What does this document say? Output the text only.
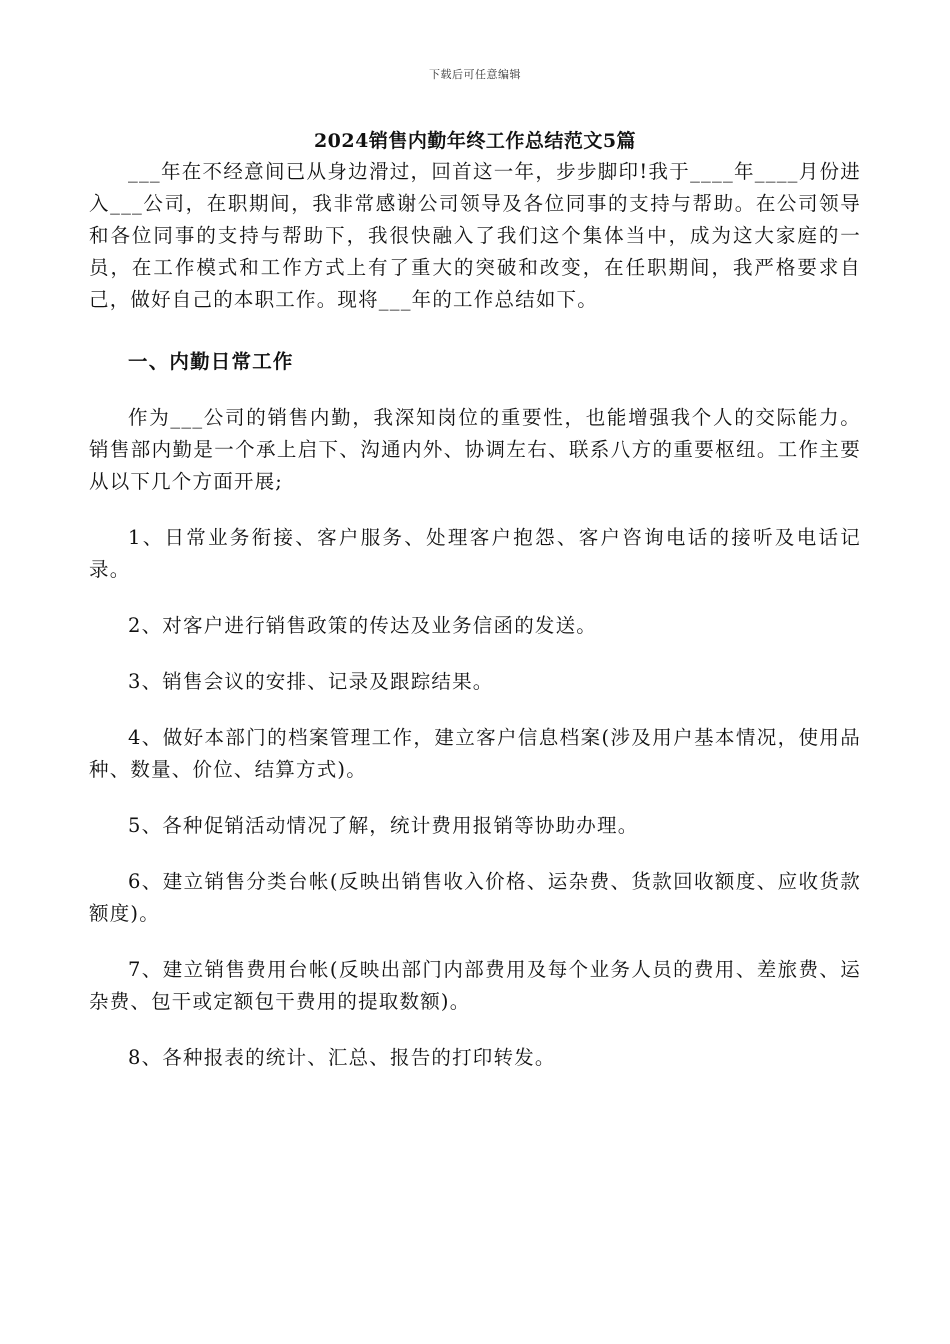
下载后可任意编辑
2024销售内勤年终工作总结范文5篇

___年在不经意间已从身边滑过，回首这一年，步步脚印!我于____年____月份进入___公司，在职期间，我非常感谢公司领导及各位同事的支持与帮助。在公司领导和各位同事的支持与帮助下，我很快融入了我们这个集体当中，成为这大家庭的一员，在工作模式和工作方式上有了重大的突破和改变，在任职期间，我严格要求自己，做好自己的本职工作。现将___年的工作总结如下。

一、内勤日常工作

作为___公司的销售内勤，我深知岗位的重要性，也能增强我个人的交际能力。销售部内勤是一个承上启下、沟通内外、协调左右、联系八方的重要枢纽。工作主要从以下几个方面开展;

1、日常业务衔接、客户服务、处理客户抱怨、客户咨询电话的接听及电话记录。

2、对客户进行销售政策的传达及业务信函的发送。

3、销售会议的安排、记录及跟踪结果。

4、做好本部门的档案管理工作，建立客户信息档案(涉及用户基本情况，使用品种、数量、价位、结算方式)。

5、各种促销活动情况了解，统计费用报销等协助办理。

6、建立销售分类台帐(反映出销售收入价格、运杂费、货款回收额度、应收货款额度)。

7、建立销售费用台帐(反映出部门内部费用及每个业务人员的费用、差旅费、运杂费、包干或定额包干费用的提取数额)。

8、各种报表的统计、汇总、报告的打印转发。
